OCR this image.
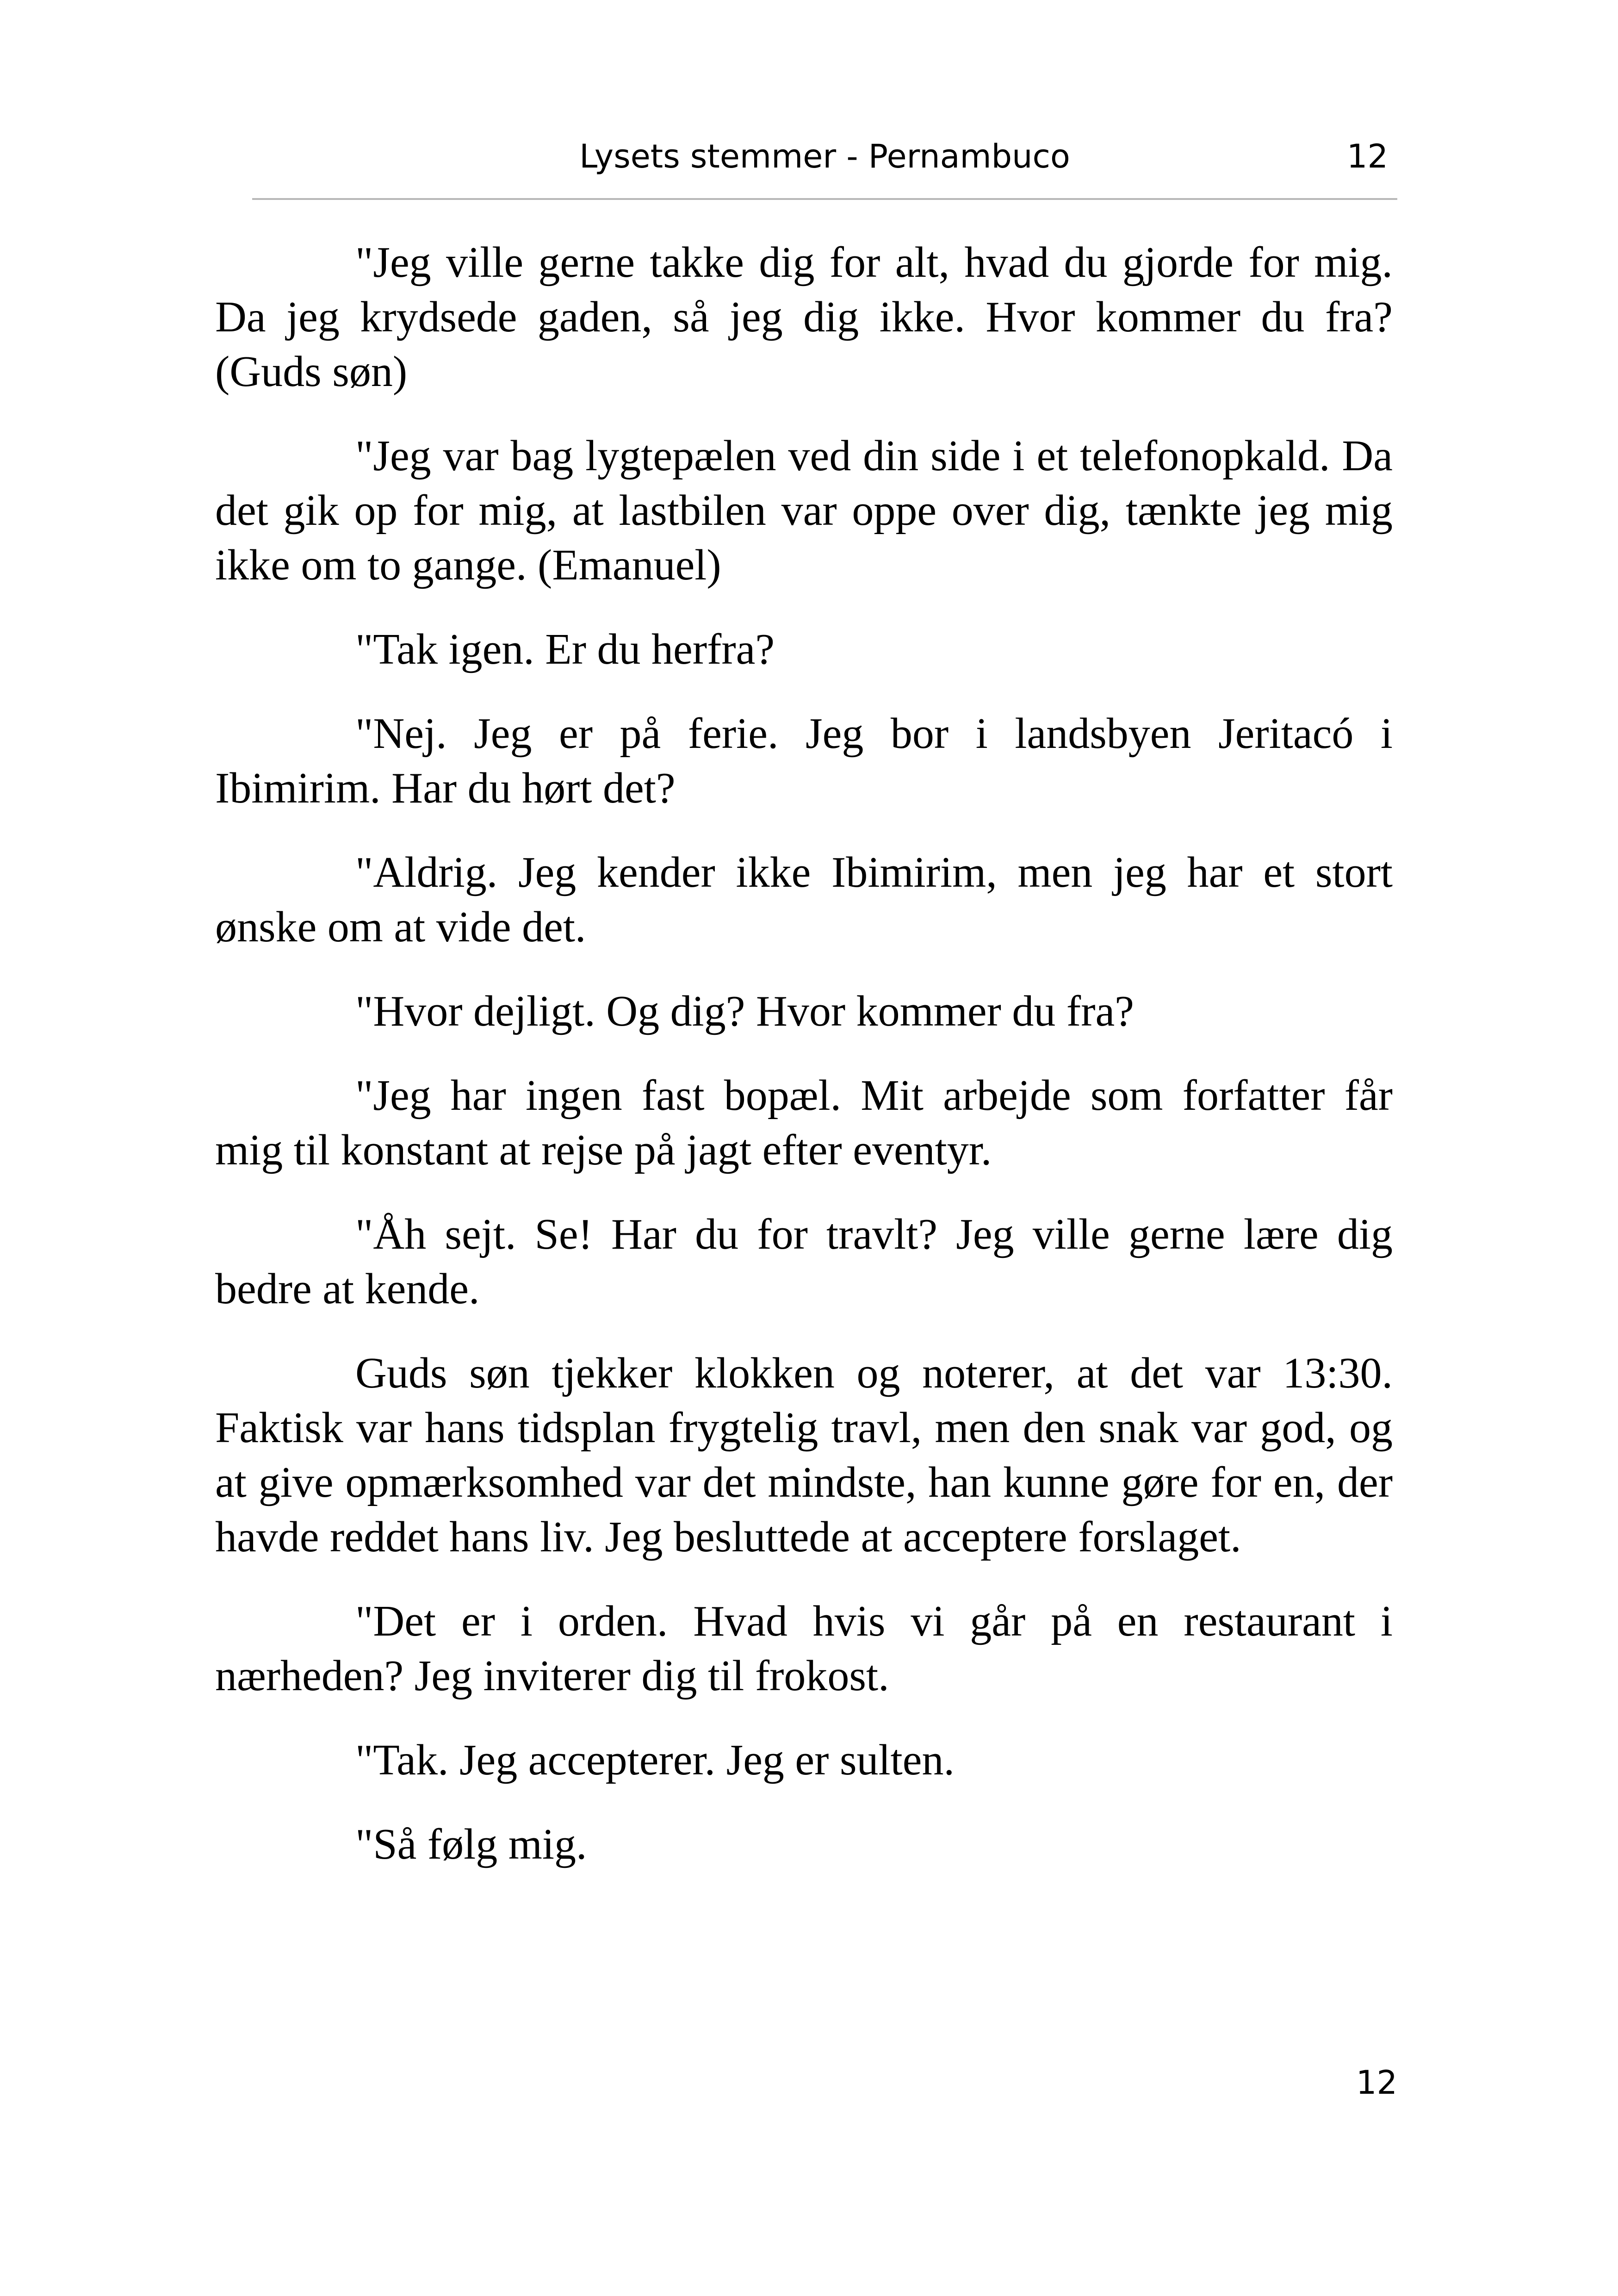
Lysets stemmer - Pernambuco	12

"Jeg ville gerne takke dig for alt, hvad du gjorde for mig. Da jeg krydsede gaden, så jeg dig ikke. Hvor kommer du fra? (Guds søn)

"Jeg var bag lygtepælen ved din side i et telefonopkald. Da det gik op for mig, at lastbilen var oppe over dig, tænkte jeg mig ikke om to gange. (Emanuel)

"Tak igen. Er du herfra?

"Nej. Jeg er på ferie. Jeg bor i landsbyen Jeritacó i Ibimirim. Har du hørt det?

"Aldrig. Jeg kender ikke Ibimirim, men jeg har et stort ønske om at vide det.

"Hvor dejligt. Og dig? Hvor kommer du fra?

"Jeg har ingen fast bopæl. Mit arbejde som forfatter får mig til konstant at rejse på jagt efter eventyr.

"Åh sejt. Se! Har du for travlt? Jeg ville gerne lære dig bedre at kende.

Guds søn tjekker klokken og noterer, at det var 13:30. Faktisk var hans tidsplan frygtelig travl, men den snak var god, og at give opmærksomhed var det mindste, han kunne gøre for en, der havde reddet hans liv. Jeg besluttede at acceptere forslaget.

"Det er i orden. Hvad hvis vi går på en restaurant i nærheden? Jeg inviterer dig til frokost.

"Tak. Jeg accepterer. Jeg er sulten.

"Så følg mig.

12
